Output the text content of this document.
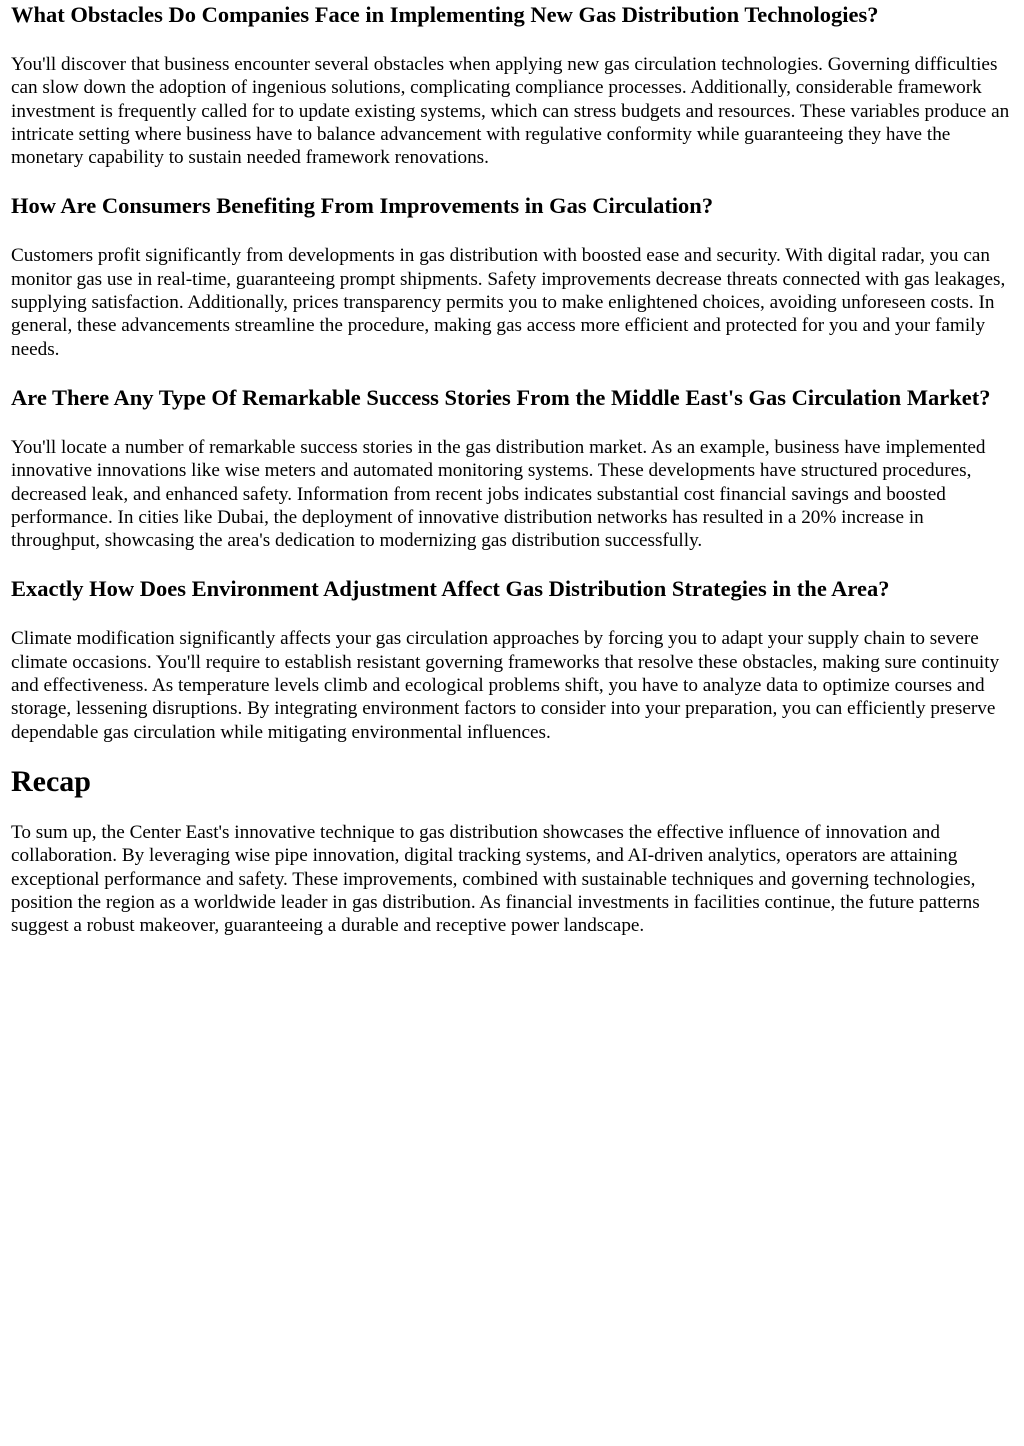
What Obstacles Do Companies Face in Implementing New Gas Distribution Technologies?

You'll discover that business encounter several obstacles when applying new gas circulation technologies. Governing difficulties can slow down the adoption of ingenious solutions, complicating compliance processes. Additionally, considerable framework investment is frequently called for to update existing systems, which can stress budgets and resources. These variables produce an intricate setting where business have to balance advancement with regulative conformity while guaranteeing they have the monetary capability to sustain needed framework renovations.

How Are Consumers Benefiting From Improvements in Gas Circulation?

Customers profit significantly from developments in gas distribution with boosted ease and security. With digital radar, you can monitor gas use in real-time, guaranteeing prompt shipments. Safety improvements decrease threats connected with gas leakages, supplying satisfaction. Additionally, prices transparency permits you to make enlightened choices, avoiding unforeseen costs. In general, these advancements streamline the procedure, making gas access more efficient and protected for you and your family needs.

Are There Any Type Of Remarkable Success Stories From the Middle East's Gas Circulation Market?

You'll locate a number of remarkable success stories in the gas distribution market. As an example, business have implemented innovative innovations like wise meters and automated monitoring systems. These developments have structured procedures, decreased leak, and enhanced safety. Information from recent jobs indicates substantial cost financial savings and boosted performance. In cities like Dubai, the deployment of innovative distribution networks has resulted in a 20% increase in throughput, showcasing the area's dedication to modernizing gas distribution successfully.

Exactly How Does Environment Adjustment Affect Gas Distribution Strategies in the Area?

Climate modification significantly affects your gas circulation approaches by forcing you to adapt your supply chain to severe climate occasions. You'll require to establish resistant governing frameworks that resolve these obstacles, making sure continuity and effectiveness. As temperature levels climb and ecological problems shift, you have to analyze data to optimize courses and storage, lessening disruptions. By integrating environment factors to consider into your preparation, you can efficiently preserve dependable gas circulation while mitigating environmental influences.

Recap

To sum up, the Center East's innovative technique to gas distribution showcases the effective influence of innovation and collaboration. By leveraging wise pipe innovation, digital tracking systems, and AI-driven analytics, operators are attaining exceptional performance and safety. These improvements, combined with sustainable techniques and governing technologies, position the region as a worldwide leader in gas distribution. As financial investments in facilities continue, the future patterns suggest a robust makeover, guaranteeing a durable and receptive power landscape.
